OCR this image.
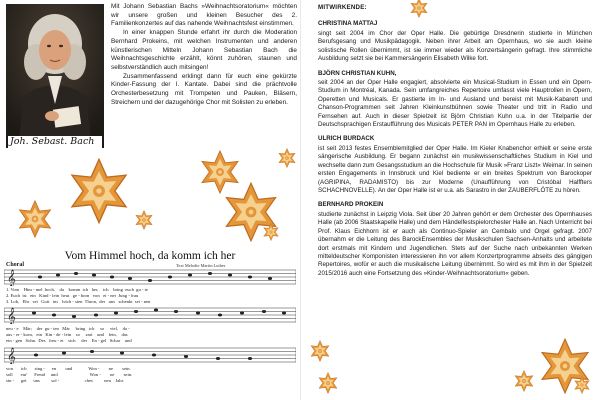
Joh. Sebast. Bach

Mit Johann Sebastian Bachs »Weihnachtsoratorium« möchten wir unsere großen und kleinen Besucher des 2. Familienkonzertes auf das nahende Weihnachtsfest einstimmen.

In einer knappen Stunde erfahrt ihr durch die Moderation Bernhard Prokeins, mit welchen Instrumenten und anderen künstlerischen Mitteln Johann Sebastian Bach die Weihnachtsgeschichte erzählt, könnt zuhören, staunen und selbstverständlich auch mitsingen!

Zusammenfassend erklingt dann für euch eine gekürzte Kinder-Fassung der I. Kantate. Dabei sind die prächtvolle Orchesterbesetzung mit Trompeten und Pauken, Bläsern, Streichern und der dazugehörige Chor mit Solisten zu erleben.

Vom Himmel hoch, da komm ich her
Choral	Text Melodie Martin Luther
𝄞
1. Vom    Him - mel  hoch,    da    komm  ich   her,    ich    bring  euch  gu - te
2. Euch  ist   ein   Kind - lein  heut   ge - born   von   ei - ner  Jung - frau
3. Lob,   Ehr   sei   Gott   im    höch - sten  Thron,  der   uns   schenkt  sei - nen
𝄞
neu - e    Mär;    der  gu - ten   Mär     bring   ich     so     viel,    da -
aus - er - korn,   ein   Kin - de - lein    so     zart    und    fein,    das
ein - gen   Sohn.  Des   freu - et    sich     der    En - gel   Schar    und
𝄞
von       ich       sing -      en        und              Won -        ne        sein.
soll       eur'      Freud     und                            Won -        ne        sein.
sin -      get      uns          sol -                      ches          neu    Jahr.
MITWIRKENDE:
CHRISTINA MATTAJ

singt seit 2004 im Chor der Oper Halle. Die gebürtige Dresdnerin studierte in München Berufsgesang und Musikpädagogik. Neben ihrer Arbeit am Opernhaus, wo sie auch kleine solistische Rollen übernimmt, ist sie immer wieder als Konzertsängerin gefragt. Ihre stimmliche Ausbildung setzt sie bei Kammersängerin Elisabeth Wilke fort.

BJÖRN CHRISTIAN KUHN,

seit 2004 an der Oper Halle engagiert, absolvierte ein Musical-Studium in Essen und ein Opern-Studium in Montréal, Kanada. Sein umfangreiches Repertoire umfasst viele Hauptrollen in Opern, Operetten und Musicals. Er gastierte im In- und Ausland und bereist mit Musik-Kabarett und Chanson-Programmen seit Jahren Kleinkunstbühnen sowie Theater und tritt in Radio und Fernsehen auf. Auch in dieser Spielzeit ist Björn Christian Kuhn u.a. in der Titelpartie der Deutschsprachigen Erstaufführung des Musicals PETER PAN im Opernhaus Halle zu erleben.

ULRICH BURDACK

ist seit 2013 festes Ensemblemitglied der Oper Halle. Im Kieler Knabenchor erhielt er seine erste sängerische Ausbildung. Er begann zunächst ein musikwissenschaftliches Studium in Kiel und wechselte dann zum Gesangsstudium an die Hochschule für Musik »Franz Liszt« Weimar. In seinen ersten Engagements in Innsbruck und Kiel bediente er ein breites Spektrum von Barockoper (AGRIPINA, RADAMISTO) bis zur Moderne (Unaufführung von Cristóbal Halffters SCHACHNOVELLE). An der Oper Halle ist er u.a. als Sarastro in der ZAUBERFLÖTE zu hören.

BERNHARD PROKEIN

studierte zunächst in Leipzig Viola. Seit über 20 Jahren gehört er dem Orchester des Opernhauses Halle (ab 2006 Staatskapelle Halle) und dem Händelfestspielorchester Halle an. Nach Unterricht bei Prof. Klaus Eichhorn ist er auch als Continuo-Spieler an Cembalo und Orgel gefragt. 2007 übernahm er die Leitung des BarockEnsembles der Musikschulen Sachsen-Anhalts und arbeitete dort erstmals mit Kindern und Jugendlichen. Stets auf der Suche nach unbekannten Werken mitteldeutscher Komponisten interessieren ihn vor allem Konzertprogramme abseits des gängigen Repertoires, wofür er auch die musikalische Leitung übernimmt. So wird es mit ihm in der Spielzeit 2015/2016 auch eine Fortsetzung des »Kinder-Weihnachtsoratorium« geben.
